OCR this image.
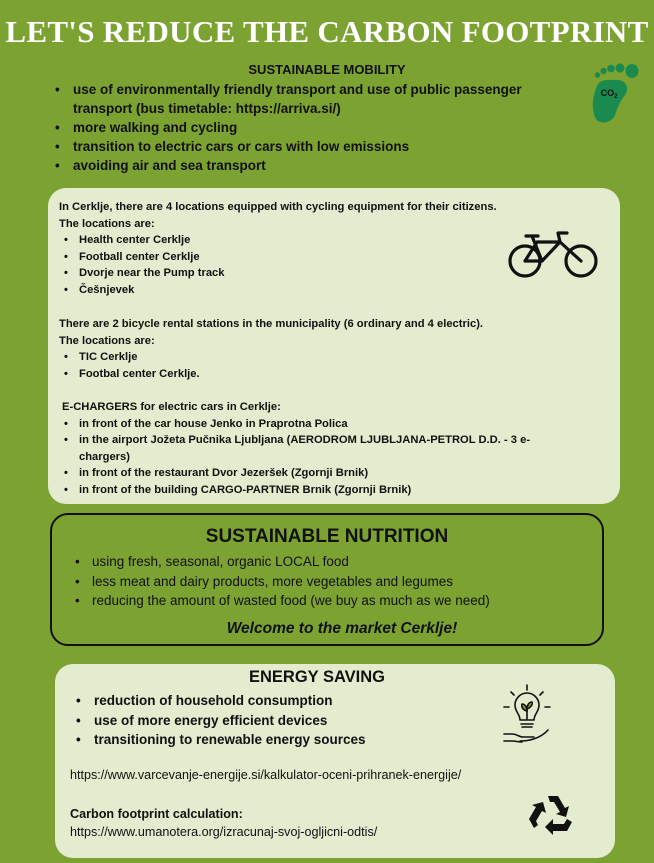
LET'S REDUCE THE CARBON FOOTPRINT
SUSTAINABLE MOBILITY
• use of environmentally friendly transport and use of public passenger transport (bus timetable: https://arriva.si/)
• more walking and cycling
• transition to electric cars or cars with low emissions
• avoiding air and sea transport
$CO_2$
In Cerklje, there are 4 locations equipped with cycling equipment for their citizens.
The locations are:
• Health center Cerklje
• Football center Cerklje
• Dvorje near the Pump track
• Češnjevek
There are 2 bicycle rental stations in the municipality (6 ordinary and 4 electric).
The locations are:
• TIC Cerklje
• Footbal center Cerklje.
E-CHARGERS for electric cars in Cerklje:
• in front of the car house Jenko in Praprotna Polica
• in the airport Jožeta Pučnika Ljubljana (AERODROM LJUBLJANA-PETROL D.D. - 3 e-chargers)
• in front of the restaurant Dvor Jezeršek (Zgornji Brnik)
• in front of the building CARGO-PARTNER Brnik (Zgornji Brnik)
SUSTAINABLE NUTRITION
• using fresh, seasonal, organic LOCAL food
• less meat and dairy products, more vegetables and legumes
• reducing the amount of wasted food (we buy as much as we need)
Welcome to the market Cerklje!
ENERGY SAVING
• reduction of household consumption
• use of more energy efficient devices
• transitioning to renewable energy sources
https://www.varcevanje-energije.si/kalkulator-oceni-prihranek-energije/
Carbon footprint calculation:
https://www.umanotera.org/izracunaj-svoj-ogljicni-odtis/
